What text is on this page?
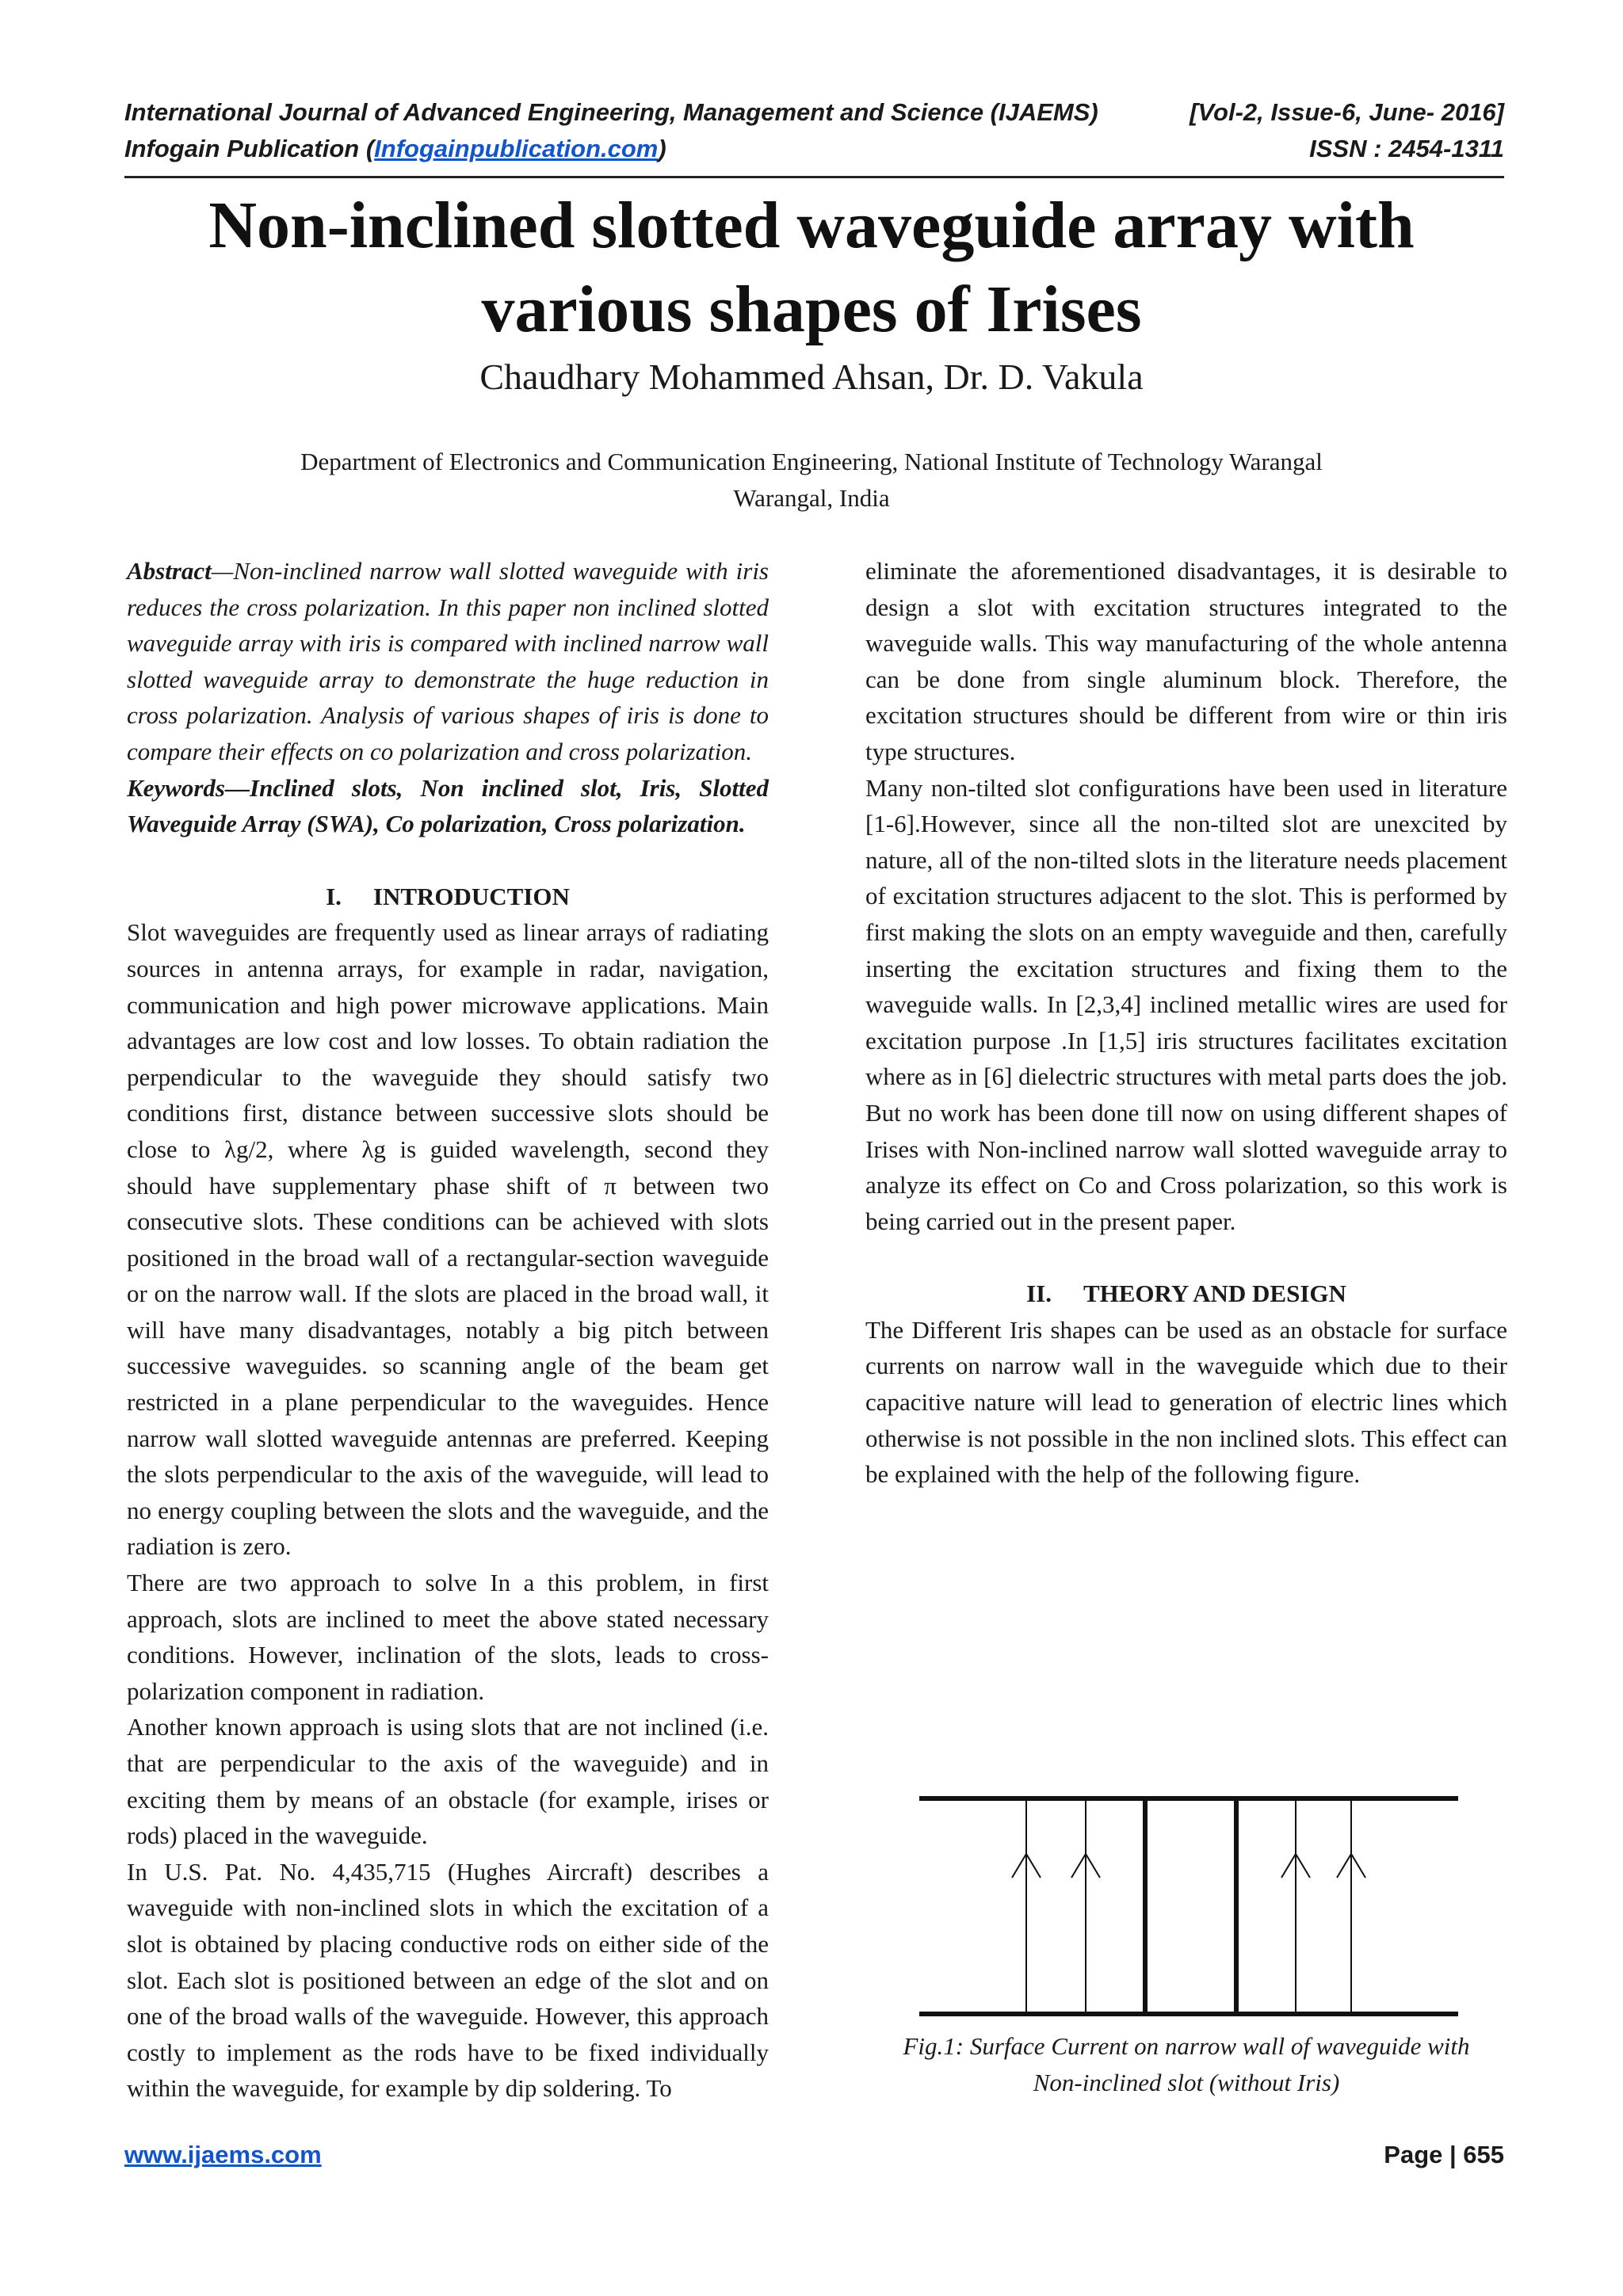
International Journal of Advanced Engineering, Management and Science (IJAEMS)	[Vol-2, Issue-6, June- 2016]
Infogain Publication (Infogainpublication.com)	ISSN : 2454-1311
Non-inclined slotted waveguide array with
various shapes of Irises
Chaudhary Mohammed Ahsan, Dr. D. Vakula
Department of Electronics and Communication Engineering, National Institute of Technology Warangal
Warangal, India

Abstract—Non-inclined narrow wall slotted waveguide with iris reduces the cross polarization. In this paper non inclined slotted waveguide array with iris is compared with inclined narrow wall slotted waveguide array to demonstrate the huge reduction in cross polarization. Analysis of various shapes of iris is done to compare their effects on co polarization and cross polarization.

Keywords—Inclined slots, Non inclined slot, Iris, Slotted Waveguide Array (SWA), Co polarization, Cross polarization.

I. INTRODUCTION

Slot waveguides are frequently used as linear arrays of radiating sources in antenna arrays, for example in radar, navigation, communication and high power microwave applications. Main advantages are low cost and low losses. To obtain radiation the perpendicular to the waveguide they should satisfy two conditions first, distance between successive slots should be close to λg/2, where λg is guided wavelength, second they should have supplementary phase shift of π between two consecutive slots. These conditions can be achieved with slots positioned in the broad wall of a rectangular-section waveguide or on the narrow wall. If the slots are placed in the broad wall, it will have many disadvantages, notably a big pitch between successive waveguides. so scanning angle of the beam get restricted in a plane perpendicular to the waveguides. Hence narrow wall slotted waveguide antennas are preferred. Keeping the slots perpendicular to the axis of the waveguide, will lead to no energy coupling between the slots and the waveguide, and the radiation is zero.

There are two approach to solve In a this problem, in first approach, slots are inclined to meet the above stated necessary conditions. However, inclination of the slots, leads to cross-polarization component in radiation.

Another known approach is using slots that are not inclined (i.e. that are perpendicular to the axis of the waveguide) and in exciting them by means of an obstacle (for example, irises or rods) placed in the waveguide.

In U.S. Pat. No. 4,435,715 (Hughes Aircraft) describes a waveguide with non-inclined slots in which the excitation of a slot is obtained by placing conductive rods on either side of the slot. Each slot is positioned between an edge of the slot and on one of the broad walls of the waveguide. However, this approach costly to implement as the rods have to be fixed individually within the waveguide, for example by dip soldering. To

eliminate the aforementioned disadvantages, it is desirable to design a slot with excitation structures integrated to the waveguide walls. This way manufacturing of the whole antenna can be done from single aluminum block. Therefore, the excitation structures should be different from wire or thin iris type structures.

Many non-tilted slot configurations have been used in literature [1-6].However, since all the non-tilted slot are unexcited by nature, all of the non-tilted slots in the literature needs placement of excitation structures adjacent to the slot. This is performed by first making the slots on an empty waveguide and then, carefully inserting the excitation structures and fixing them to the waveguide walls. In [2,3,4] inclined metallic wires are used for excitation purpose .In [1,5] iris structures facilitates excitation where as in [6] dielectric structures with metal parts does the job. But no work has been done till now on using different shapes of Irises with Non-inclined narrow wall slotted waveguide array to analyze its effect on Co and Cross polarization, so this work is being carried out in the present paper.

II. THEORY AND DESIGN

The Different Iris shapes can be used as an obstacle for surface currents on narrow wall in the waveguide which due to their capacitive nature will lead to generation of electric lines which otherwise is not possible in the non inclined slots. This effect can be explained with the help of the following figure.

Fig.1: Surface Current on narrow wall of waveguide with
Non-inclined slot (without Iris)
www.ijaems.com	Page | 655
